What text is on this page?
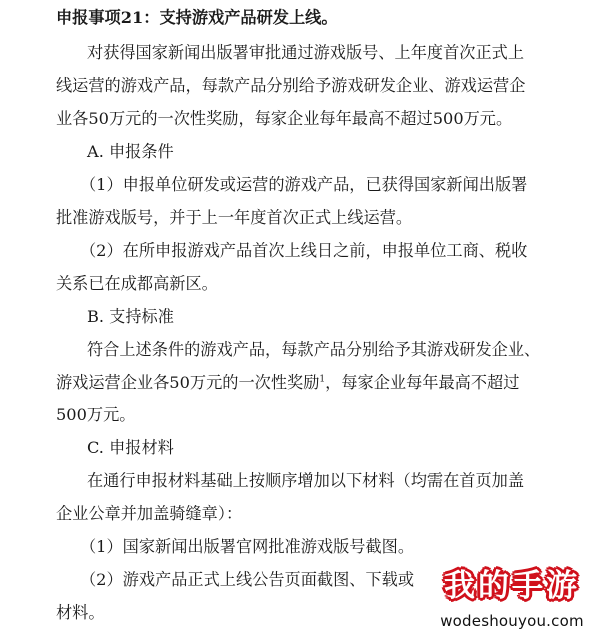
申报事项21：支持游戏产品研发上线。
对获得国家新闻出版署审批通过游戏版号、上年度首次正式上
线运营的游戏产品，每款产品分别给予游戏研发企业、游戏运营企
业各50万元的一次性奖励，每家企业每年最高不超过500万元。
A. 申报条件
（1）申报单位研发或运营的游戏产品，已获得国家新闻出版署
批准游戏版号，并于上一年度首次正式上线运营。
（2）在所申报游戏产品首次上线日之前，申报单位工商、税收
关系已在成都高新区。
B. 支持标准
符合上述条件的游戏产品，每款产品分别给予其游戏研发企业、
游戏运营企业各50万元的一次性奖励$^1$，每家企业每年最高不超过
500万元。
C. 申报材料
在通行申报材料基础上按顺序增加以下材料（均需在首页加盖
企业公章并加盖骑缝章）：
（1）国家新闻出版署官网批准游戏版号截图。
（2）游戏产品正式上线公告页面截图、下载或
材料。
我的手游
wodeshouyou.com
